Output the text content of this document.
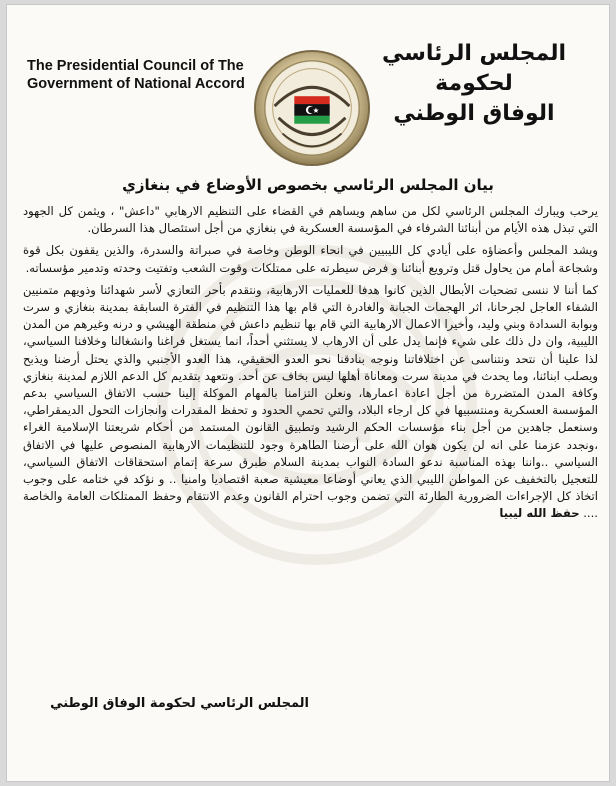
The Presidential Council of The
Government of National Accord
المجلس الرئاسي لحكومة
الوفاق الوطني
بيان المجلس الرئاسي بخصوص الأوضاع في بنغازي

يرحب ويبارك المجلس الرئاسي لكل من ساهم ويساهم في القضاء على التنظيم الارهابي "داعش" ، ويثمن كل الجهود التي تبذل هذه الأيام من أبنائنا الشرفاء في المؤسسة العسكرية في بنغازي من أجل استئصال هذا السرطان.

ويشد المجلس وأعضاؤه على أيادي كل الليبيين في انحاء الوطن وخاصة في صبراتة والسدرة، والذين يقفون بكل قوة وشجاعة أمام من يحاول قتل وترويع أبنائنا و فرض سيطرته على ممتلكات وقوت الشعب وتفتيت وحدته وتدمير مؤسساته.

كما أننا لا ننسى تضحيات الأبطال الذين كانوا هدفا للعمليات الارهابية، ونتقدم بأحر التعازي لأسر شهدائنا وذويهم متمنيين الشفاء العاجل لجرحانا، اثر الهجمات الجبانة والغادرة التي قام بها هذا التنظيم في الفترة السابقة بمدينة بنغازي و سرت وبوابة السدادة وبني وليد، وأخيرا الاعمال الارهابية التي قام بها تنظيم داعش في منطقة الهيشي و درنه وغيرهم من المدن الليبية، وان دل ذلك على شيء فإنما يدل على أن الارهاب لا يستثني أحداً، انما يستغل فراغنا وانشغالنا وخلافنا السياسي، لذا علينا أن نتحد ونتناسى عن اختلافاتنا ونوجه بنادقنا نحو العدو الحقيقي، هذا العدو الأجنبي والذي يحتل أرضنا ويذبح ويصلب ابنائنا، وما يحدث في مدينة سرت ومعاناة أهلها ليس بخاف عن أحد. ونتعهد بتقديم كل الدعم اللازم لمدينة بنغازي وكافة المدن المتضررة من أجل اعادة اعمارها، ونعلن التزامنا بالمهام الموكلة إلينا حسب الاتفاق السياسي بدعم المؤسسة العسكرية ومنتسبيها في كل ارجاء البلاد، والتي تحمي الحدود و تحفظ المقدرات وانجازات التحول الديمقراطي، وسنعمل جاهدين من أجل بناء مؤسسات الحكم الرشيد وتطبيق القانون المستمد من أحكام شريعتنا الإسلامية الغراء ،ونجدد عزمنا على انه لن يكون هوان الله على أرضنا الطاهرة وجود للتنظيمات الارهابية المنصوص عليها في الاتفاق السياسي ..واننا بهذه المناسبة ندعو السادة النواب بمدينة السلام طبرق سرعة إتمام استحقاقات الاتفاق السياسي، للتعجيل بالتخفيف عن المواطن الليبي الذي يعاني أوضاعا معيشية صعبة اقتصاديا وامنيا .. و نؤكد في ختامه على وجوب اتخاذ كل الإجراءات الضرورية الطارئة التي تضمن وجوب احترام القانون وعدم الانتقام وحفظ الممتلكات العامة والخاصة .... حفظ الله ليبيا

المجلس الرئاسي لحكومة الوفاق الوطني
